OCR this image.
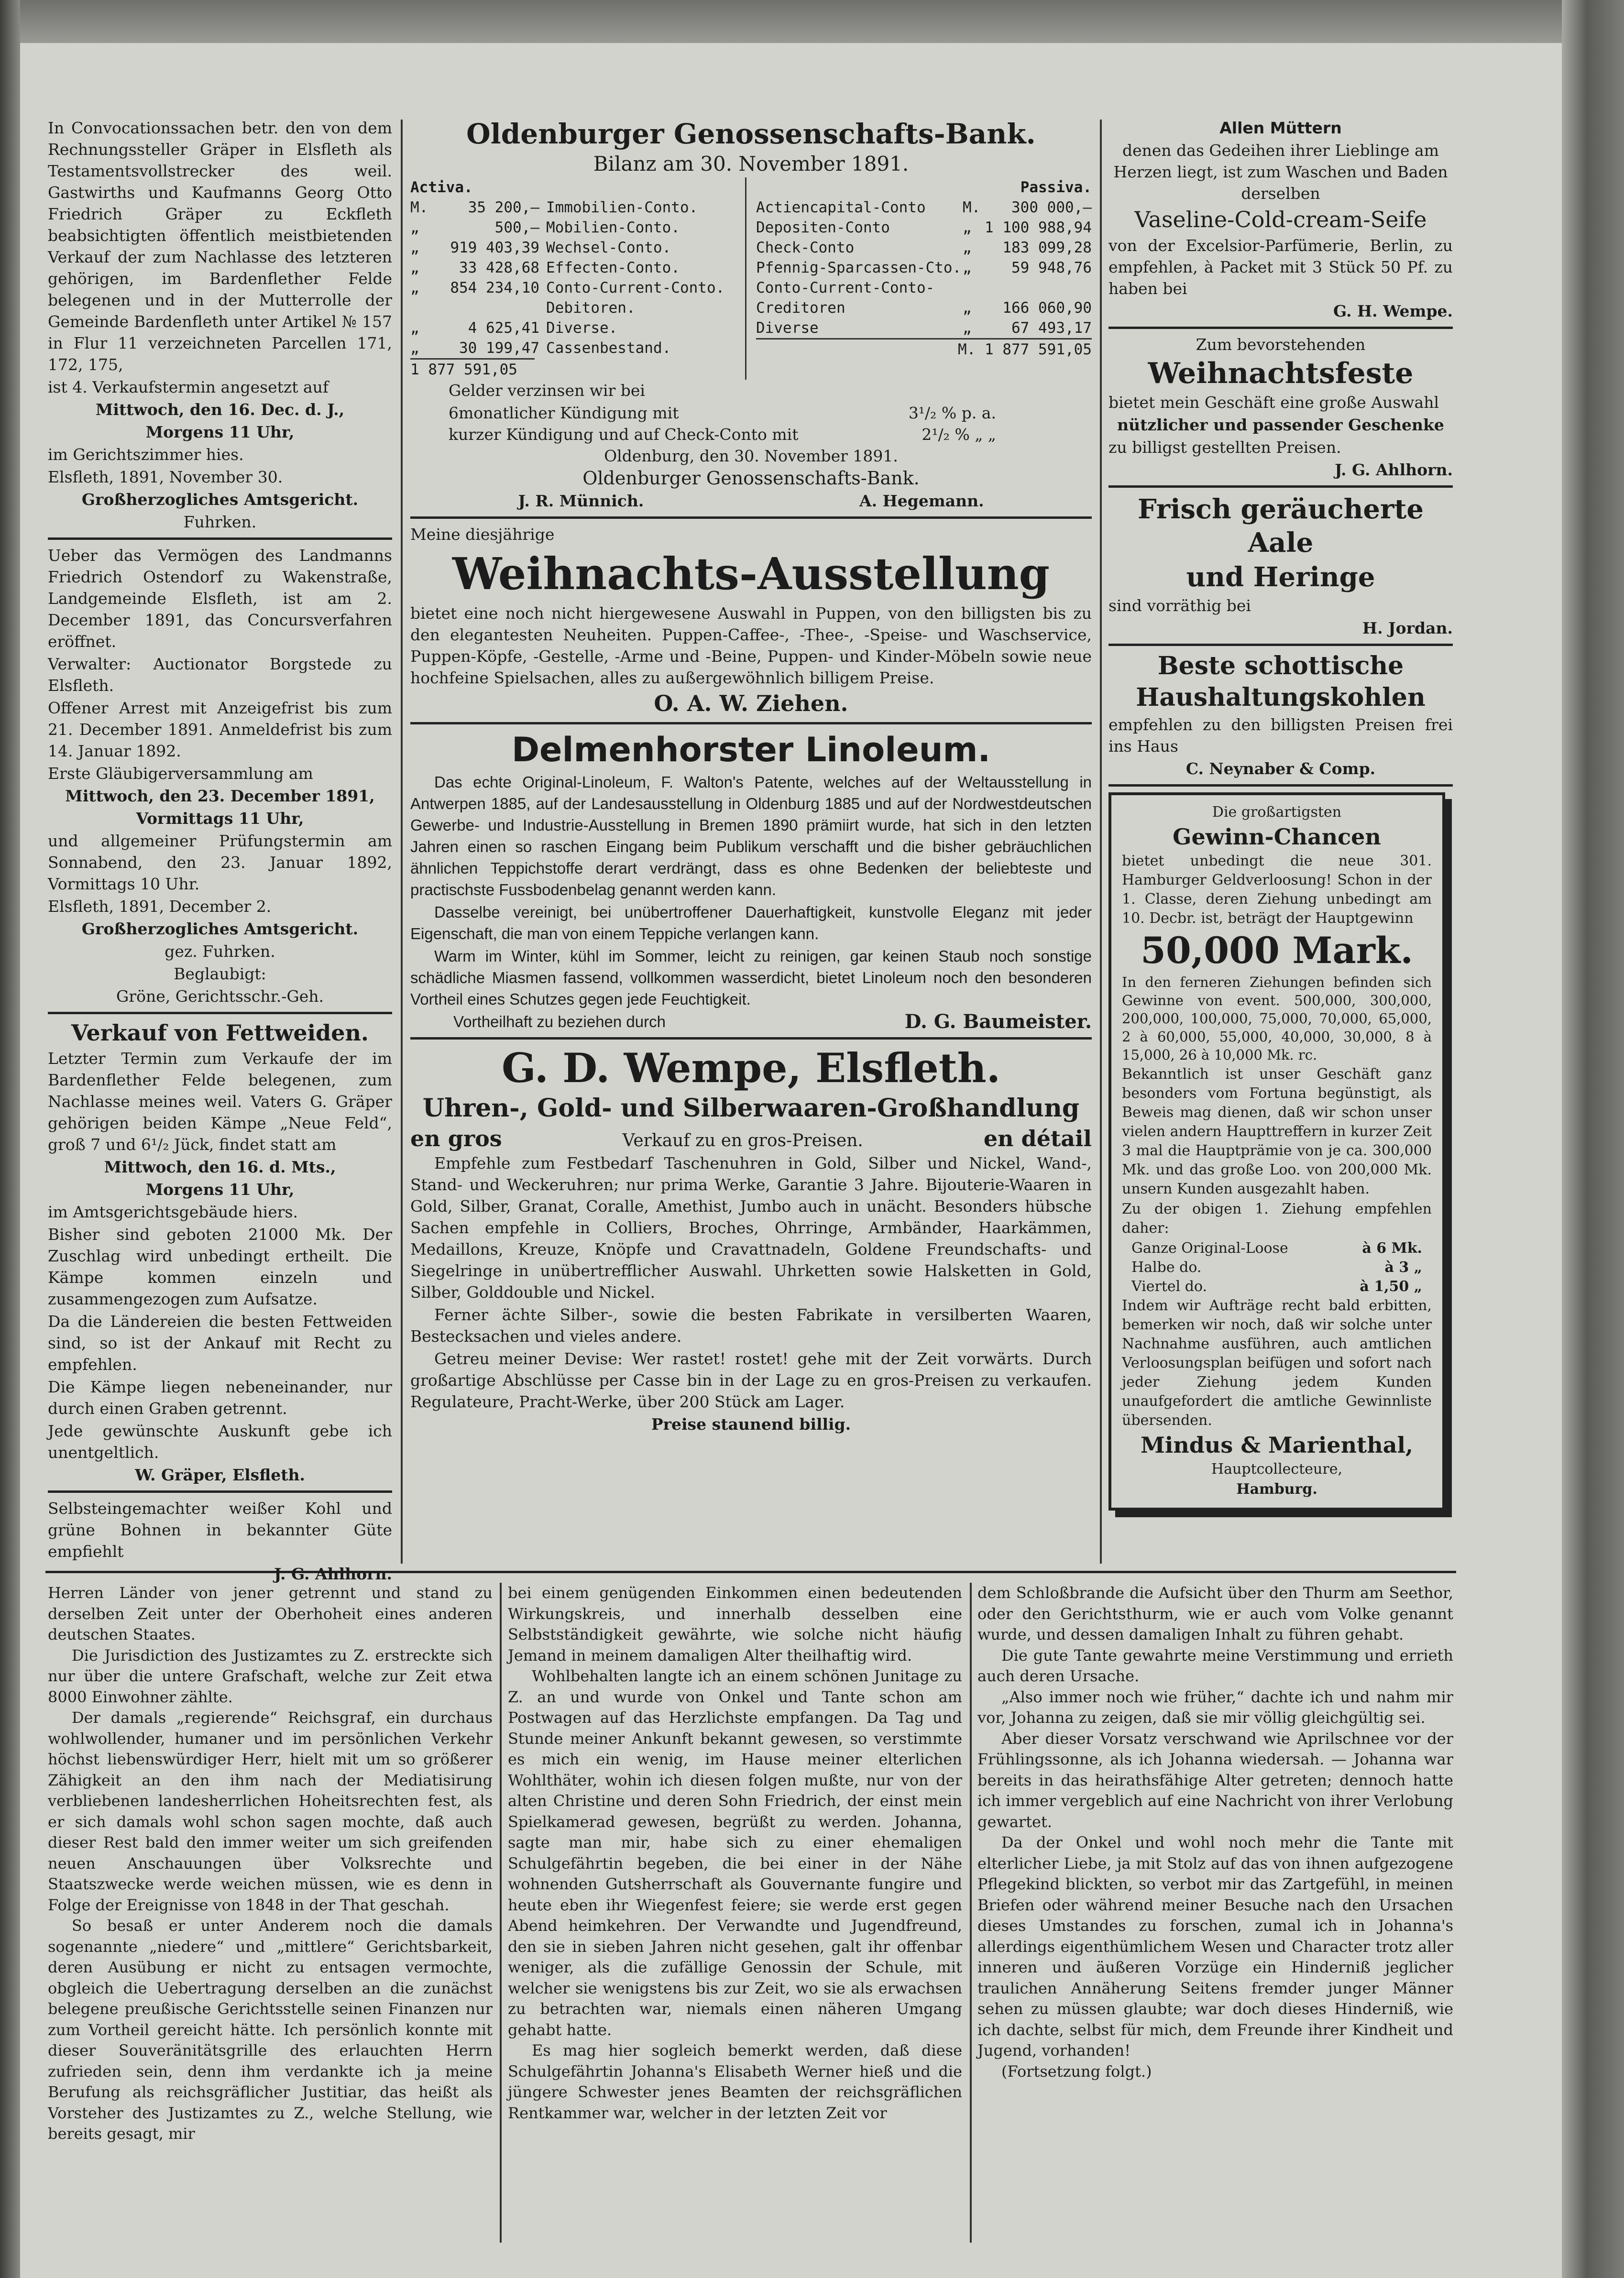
In Convocationssachen betr. den von dem Rechnungssteller Gräper in Elsfleth als Testamentsvollstrecker des weil. Gastwirths und Kaufmanns Georg Otto Friedrich Gräper zu Eckfleth beabsichtigten öffentlich meistbietenden Verkauf der zum Nachlasse des letzteren gehörigen, im Bardenflether Felde belegenen und in der Mutterrolle der Gemeinde Bardenfleth unter Artikel № 157 in Flur 11 verzeichneten Parcellen 171, 172, 175,

ist 4. Verkaufstermin angesetzt auf

Mittwoch, den 16. Dec. d. J.,

Morgens 11 Uhr,

im Gerichtszimmer hies.

Elsfleth, 1891, November 30.

Großherzogliches Amtsgericht.

Fuhrken.

Ueber das Vermögen des Landmanns Friedrich Ostendorf zu Wakenstraße, Landgemeinde Elsfleth, ist am 2. December 1891, das Concursverfahren eröffnet.

Verwalter: Auctionator Borgstede zu Elsfleth.

Offener Arrest mit Anzeigefrist bis zum 21. December 1891. Anmeldefrist bis zum 14. Januar 1892.

Erste Gläubigerversammlung am

Mittwoch, den 23. December 1891,

Vormittags 11 Uhr,

und allgemeiner Prüfungstermin am Sonnabend, den 23. Januar 1892, Vormittags 10 Uhr.

Elsfleth, 1891, December 2.

Großherzogliches Amtsgericht.

gez. Fuhrken.

Beglaubigt:

Gröne, Gerichtsschr.-Geh.

Verkauf von Fettweiden.

Letzter Termin zum Verkaufe der im Bardenflether Felde belegenen, zum Nachlasse meines weil. Vaters G. Gräper gehörigen beiden Kämpe „Neue Feld“, groß 7 und 6¹/₂ Jück, findet statt am

Mittwoch, den 16. d. Mts.,

Morgens 11 Uhr,

im Amtsgerichtsgebäude hiers.

Bisher sind geboten 21000 Mk. Der Zuschlag wird unbedingt ertheilt. Die Kämpe kommen einzeln und zusammengezogen zum Aufsatze.

Da die Ländereien die besten Fettweiden sind, so ist der Ankauf mit Recht zu empfehlen.

Die Kämpe liegen nebeneinander, nur durch einen Graben getrennt.

Jede gewünschte Auskunft gebe ich unentgeltlich.

W. Gräper, Elsfleth.

Selbsteingemachter weißer Kohl und grüne Bohnen in bekannter Güte empfiehlt

J. G. Ahlhorn.

Oldenburger Genossenschafts-Bank.

Bilanz am 30. November 1891.

Activa.
M.	35 200,— Immobilien-Conto.
„	500,— Mobilien-Conto.
„	919 403,39 Wechsel-Conto.
„	33 428,68 Effecten-Conto.
„	854 234,10 Conto-Current-Conto.
Debitoren.
„	4 625,41 Diverse.
„	30 199,47 Cassenbestand.
1 877 591,05
Passiva.
Actiencapital-Conto	M.	300 000,—
Depositen-Conto	„ 1 100 988,94
Check-Conto	„	183 099,28
Pfennig-Sparcassen-Cto. „	59 948,76
Conto-Current-Conto-
Creditoren	„	166 060,90
Diverse	„	67 493,17
M. 1 877 591,05

Gelder verzinsen wir bei

6monatlicher Kündigung mit	3¹/₂ % p. a.
kurzer Kündigung und auf Check-Conto mit	2¹/₂ % „ „

Oldenburg, den 30. November 1891.

Oldenburger Genossenschafts-Bank.

J. R. Münnich.	A. Hegemann.

Meine diesjährige

Weihnachts-Ausstellung

bietet eine noch nicht hiergewesene Auswahl in Puppen, von den billigsten bis zu den elegantesten Neuheiten. Puppen-Caffee-, -Thee-, -Speise- und Waschservice, Puppen-Köpfe, -Gestelle, -Arme und -Beine, Puppen- und Kinder-Möbeln sowie neue hochfeine Spielsachen, alles zu außergewöhnlich billigem Preise.

O. A. W. Ziehen.

Delmenhorster Linoleum.

Das echte Original-Linoleum, F. Walton's Patente, welches auf der Weltausstellung in Antwerpen 1885, auf der Landesausstellung in Oldenburg 1885 und auf der Nordwestdeutschen Gewerbe- und Industrie-Ausstellung in Bremen 1890 prämiirt wurde, hat sich in den letzten Jahren einen so raschen Eingang beim Publikum verschafft und die bisher gebräuchlichen ähnlichen Teppichstoffe derart verdrängt, dass es ohne Bedenken der beliebteste und practischste Fussbodenbelag genannt werden kann.

Dasselbe vereinigt, bei unübertroffener Dauerhaftigkeit, kunstvolle Eleganz mit jeder Eigenschaft, die man von einem Teppiche verlangen kann.

Warm im Winter, kühl im Sommer, leicht zu reinigen, gar keinen Staub noch sonstige schädliche Miasmen fassend, vollkommen wasserdicht, bietet Linoleum noch den besonderen Vortheil eines Schutzes gegen jede Feuchtigkeit.

Vortheilhaft zu beziehen durch	D. G. Baumeister.

G. D. Wempe, Elsfleth.

Uhren-, Gold- und Silberwaaren-Großhandlung

en gros	Verkauf zu en gros-Preisen.	en détail

Empfehle zum Festbedarf Taschenuhren in Gold, Silber und Nickel, Wand-, Stand- und Weckeruhren; nur prima Werke, Garantie 3 Jahre. Bijouterie-Waaren in Gold, Silber, Granat, Coralle, Amethist, Jumbo auch in unächt. Besonders hübsche Sachen empfehle in Colliers, Broches, Ohrringe, Armbänder, Haarkämmen, Medaillons, Kreuze, Knöpfe und Cravattnadeln, Goldene Freundschafts- und Siegelringe in unübertrefflicher Auswahl. Uhrketten sowie Halsketten in Gold, Silber, Golddouble und Nickel.

Ferner ächte Silber-, sowie die besten Fabrikate in versilberten Waaren, Bestecksachen und vieles andere.

Getreu meiner Devise: Wer rastet! rostet! gehe mit der Zeit vorwärts. Durch großartige Abschlüsse per Casse bin in der Lage zu en gros-Preisen zu verkaufen. Regulateure, Pracht-Werke, über 200 Stück am Lager.

Preise staunend billig.

Allen Müttern

denen das Gedeihen ihrer Lieblinge am Herzen liegt, ist zum Waschen und Baden derselben

Vaseline-Cold-cream-Seife

von der Excelsior-Parfümerie, Berlin, zu empfehlen, à Packet mit 3 Stück 50 Pf. zu haben bei

G. H. Wempe.

Zum bevorstehenden

Weihnachtsfeste

bietet mein Geschäft eine große Auswahl

nützlicher und passender Geschenke

zu billigst gestellten Preisen.

J. G. Ahlhorn.

Frisch geräucherte Aale

und Heringe

sind vorräthig bei

H. Jordan.

Beste schottische

Haushaltungskohlen

empfehlen zu den billigsten Preisen frei ins Haus

C. Neynaber & Comp.

Die großartigsten

Gewinn-Chancen

bietet unbedingt die neue 301. Hamburger Geldverloosung! Schon in der 1. Classe, deren Ziehung unbedingt am 10. Decbr. ist, beträgt der Hauptgewinn

50,000 Mark.

In den ferneren Ziehungen befinden sich Gewinne von event. 500,000, 300,000, 200,000, 100,000, 75,000, 70,000, 65,000, 2 à 60,000, 55,000, 40,000, 30,000, 8 à 15,000, 26 à 10,000 Mk. rc.

Bekanntlich ist unser Geschäft ganz besonders vom Fortuna begünstigt, als Beweis mag dienen, daß wir schon unser vielen andern Haupttreffern in kurzer Zeit 3 mal die Hauptprämie von je ca. 300,000 Mk. und das große Loo. von 200,000 Mk. unsern Kunden ausgezahlt haben.

Zu der obigen 1. Ziehung empfehlen daher:

Ganze Original-Loose	à 6 Mk.
Halbe do.	à 3 „
Viertel do.	à 1,50 „

Indem wir Aufträge recht bald erbitten, bemerken wir noch, daß wir solche unter Nachnahme ausführen, auch amtlichen Verloosungsplan beifügen und sofort nach jeder Ziehung jedem Kunden unaufgefordert die amtliche Gewinnliste übersenden.

Mindus & Marienthal,

Hauptcollecteure,

Hamburg.

Herren Länder von jener getrennt und stand zu derselben Zeit unter der Oberhoheit eines anderen deutschen Staates.

Die Jurisdiction des Justizamtes zu Z. erstreckte sich nur über die untere Grafschaft, welche zur Zeit etwa 8000 Einwohner zählte.

Der damals „regierende“ Reichsgraf, ein durchaus wohlwollender, humaner und im persönlichen Verkehr höchst liebenswürdiger Herr, hielt mit um so größerer Zähigkeit an den ihm nach der Mediatisirung verbliebenen landesherrlichen Hoheitsrechten fest, als er sich damals wohl schon sagen mochte, daß auch dieser Rest bald den immer weiter um sich greifenden neuen Anschauungen über Volksrechte und Staatszwecke werde weichen müssen, wie es denn in Folge der Ereignisse von 1848 in der That geschah.

So besaß er unter Anderem noch die damals sogenannte „niedere“ und „mittlere“ Gerichtsbarkeit, deren Ausübung er nicht zu entsagen vermochte, obgleich die Uebertragung derselben an die zunächst belegene preußische Gerichtsstelle seinen Finanzen nur zum Vortheil gereicht hätte. Ich persönlich konnte mit dieser Souveränitätsgrille des erlauchten Herrn zufrieden sein, denn ihm verdankte ich ja meine Berufung als reichsgräflicher Justitiar, das heißt als Vorsteher des Justizamtes zu Z., welche Stellung, wie bereits gesagt, mir

bei einem genügenden Einkommen einen bedeutenden Wirkungskreis, und innerhalb desselben eine Selbstständigkeit gewährte, wie solche nicht häufig Jemand in meinem damaligen Alter theilhaftig wird.

Wohlbehalten langte ich an einem schönen Junitage zu Z. an und wurde von Onkel und Tante schon am Postwagen auf das Herzlichste empfangen. Da Tag und Stunde meiner Ankunft bekannt gewesen, so verstimmte es mich ein wenig, im Hause meiner elterlichen Wohlthäter, wohin ich diesen folgen mußte, nur von der alten Christine und deren Sohn Friedrich, der einst mein Spielkamerad gewesen, begrüßt zu werden. Johanna, sagte man mir, habe sich zu einer ehemaligen Schulgefährtin begeben, die bei einer in der Nähe wohnenden Gutsherrschaft als Gouvernante fungire und heute eben ihr Wiegenfest feiere; sie werde erst gegen Abend heimkehren. Der Verwandte und Jugendfreund, den sie in sieben Jahren nicht gesehen, galt ihr offenbar weniger, als die zufällige Genossin der Schule, mit welcher sie wenigstens bis zur Zeit, wo sie als erwachsen zu betrachten war, niemals einen näheren Umgang gehabt hatte.

Es mag hier sogleich bemerkt werden, daß diese Schulgefährtin Johanna's Elisabeth Werner hieß und die jüngere Schwester jenes Beamten der reichsgräflichen Rentkammer war, welcher in der letzten Zeit vor

dem Schloßbrande die Aufsicht über den Thurm am Seethor, oder den Gerichtsthurm, wie er auch vom Volke genannt wurde, und dessen damaligen Inhalt zu führen gehabt.

Die gute Tante gewahrte meine Verstimmung und errieth auch deren Ursache.

„Also immer noch wie früher,“ dachte ich und nahm mir vor, Johanna zu zeigen, daß sie mir völlig gleichgültig sei.

Aber dieser Vorsatz verschwand wie Aprilschnee vor der Frühlingssonne, als ich Johanna wiedersah. — Johanna war bereits in das heirathsfähige Alter getreten; dennoch hatte ich immer vergeblich auf eine Nachricht von ihrer Verlobung gewartet.

Da der Onkel und wohl noch mehr die Tante mit elterlicher Liebe, ja mit Stolz auf das von ihnen aufgezogene Pflegekind blickten, so verbot mir das Zartgefühl, in meinen Briefen oder während meiner Besuche nach den Ursachen dieses Umstandes zu forschen, zumal ich in Johanna's allerdings eigenthümlichem Wesen und Character trotz aller inneren und äußeren Vorzüge ein Hinderniß jeglicher traulichen Annäherung Seitens fremder junger Männer sehen zu müssen glaubte; war doch dieses Hinderniß, wie ich dachte, selbst für mich, dem Freunde ihrer Kindheit und Jugend, vorhanden!

(Fortsetzung folgt.)
